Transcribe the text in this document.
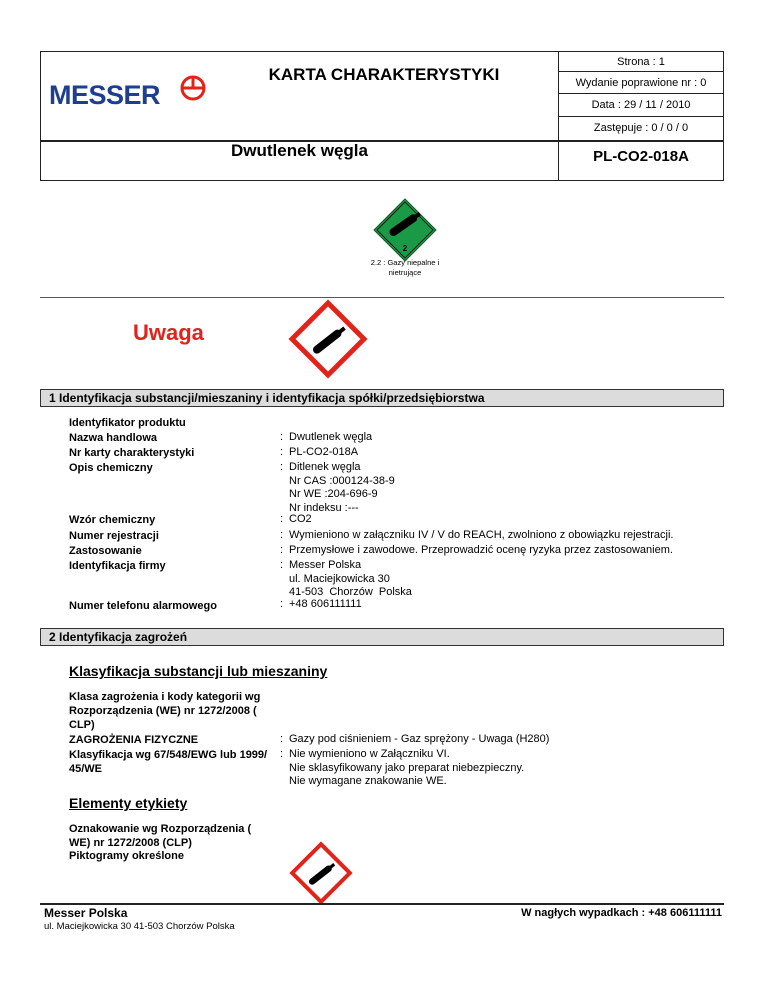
MESSER
KARTA CHARAKTERYSTYKI
Strona : 1
Wydanie poprawione nr : 0
Data : 29 / 11 / 2010
Zastępuje : 0 / 0 / 0
Dwutlenek węgla	PL-CO2-018A
2
2.2 : Gazy niepalne i
nietrujące
Uwaga
1 Identyfikacja substancji/mieszaniny i identyfikacja spółki/przedsiębiorstwa
Identyfikator produktu
Nazwa handlowa	: Dwutlenek węgla
Nr karty charakterystyki	: PL-CO2-018A
Opis chemiczny	: Ditlenek węgla
Nr CAS :000124-38-9
Nr WE :204-696-9
Nr indeksu :---
Wzór chemiczny	: CO2
Numer rejestracji	: Wymieniono w załączniku IV / V do REACH, zwolniono z obowiązku rejestracji.
Zastosowanie	: Przemysłowe i zawodowe. Przeprowadzić ocenę ryzyka przez zastosowaniem.
Identyfikacja firmy	: Messer Polska
ul. Maciejkowicka 30
41-503  Chorzów  Polska
Numer telefonu alarmowego	: +48 606111111
2 Identyfikacja zagrożeń
Klasyfikacja substancji lub mieszaniny
Klasa zagrożenia i kody kategorii wg
Rozporządzenia (WE) nr 1272/2008 (
CLP)
ZAGROŻENIA FIZYCZNE	: Gazy pod ciśnieniem - Gaz sprężony - Uwaga (H280)
Klasyfikacja wg 67/548/EWG lub 1999/
45/WE
: Nie wymieniono w Załączniku VI.
Nie sklasyfikowany jako preparat niebezpieczny.
Nie wymagane znakowanie WE.
Elementy etykiety
Oznakowanie wg Rozporządzenia (
WE) nr 1272/2008 (CLP)
Piktogramy określone
Messer Polska
ul. Maciejkowicka 30 41-503 Chorzów Polska
W nagłych wypadkach : +48 606111111
